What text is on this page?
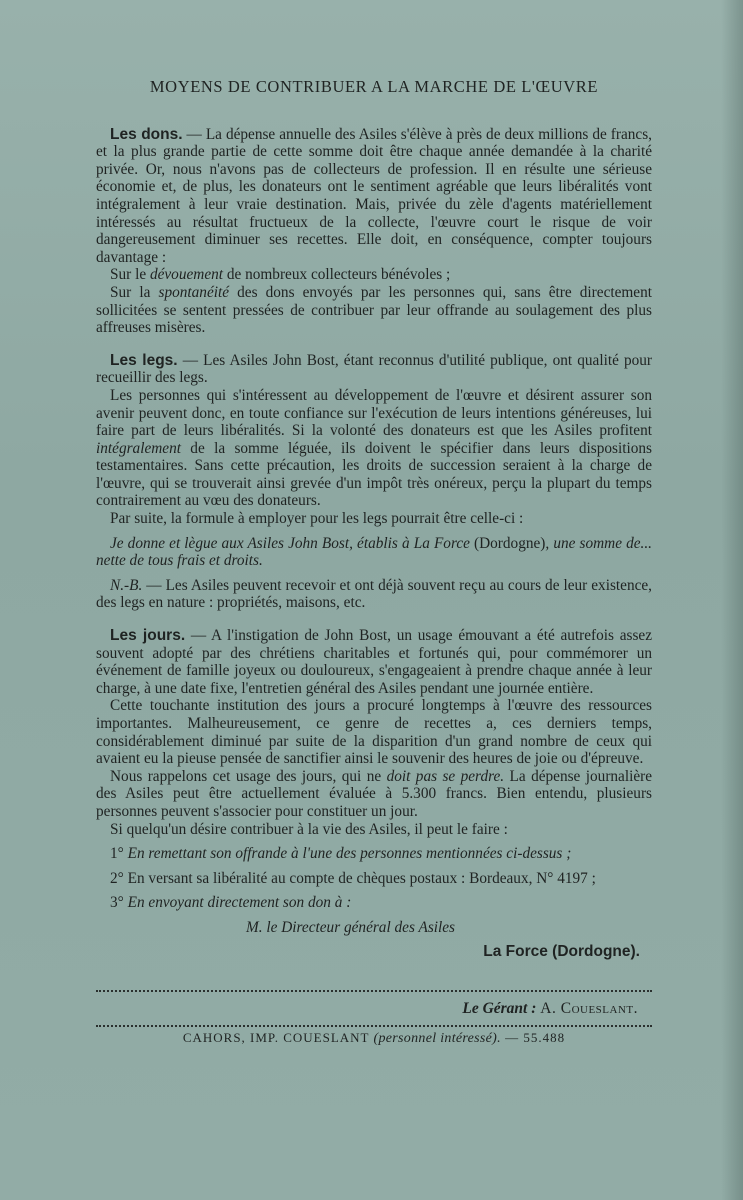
MOYENS DE CONTRIBUER A LA MARCHE DE L'ŒUVRE

Les dons. — La dépense annuelle des Asiles s'élève à près de deux millions de francs, et la plus grande partie de cette somme doit être chaque année demandée à la charité privée. Or, nous n'avons pas de collecteurs de profession. Il en résulte une sérieuse économie et, de plus, les donateurs ont le sentiment agréable que leurs libéralités vont intégralement à leur vraie destination. Mais, privée du zèle d'agents matériellement intéressés au résultat fructueux de la collecte, l'œuvre court le risque de voir dangereusement diminuer ses recettes. Elle doit, en conséquence, compter toujours davantage :

Sur le dévouement de nombreux collecteurs bénévoles ;

Sur la spontanéité des dons envoyés par les personnes qui, sans être directement sollicitées se sentent pressées de contribuer par leur offrande au soulagement des plus affreuses misères.

Les legs. — Les Asiles John Bost, étant reconnus d'utilité publique, ont qualité pour recueillir des legs.

Les personnes qui s'intéressent au développement de l'œuvre et désirent assurer son avenir peuvent donc, en toute confiance sur l'exécution de leurs intentions généreuses, lui faire part de leurs libéralités. Si la volonté des donateurs est que les Asiles profitent intégralement de la somme léguée, ils doivent le spécifier dans leurs dispositions testamentaires. Sans cette précaution, les droits de succession seraient à la charge de l'œuvre, qui se trouverait ainsi grevée d'un impôt très onéreux, perçu la plupart du temps contrairement au vœu des donateurs.

Par suite, la formule à employer pour les legs pourrait être celle-ci :

Je donne et lègue aux Asiles John Bost, établis à La Force (Dordogne), une somme de... nette de tous frais et droits.

N.-B. — Les Asiles peuvent recevoir et ont déjà souvent reçu au cours de leur existence, des legs en nature : propriétés, maisons, etc.

Les jours. — A l'instigation de John Bost, un usage émouvant a été autrefois assez souvent adopté par des chrétiens charitables et fortunés qui, pour commémorer un événement de famille joyeux ou douloureux, s'engageaient à prendre chaque année à leur charge, à une date fixe, l'entretien général des Asiles pendant une journée entière.

Cette touchante institution des jours a procuré longtemps à l'œuvre des ressources importantes. Malheureusement, ce genre de recettes a, ces derniers temps, considérablement diminué par suite de la disparition d'un grand nombre de ceux qui avaient eu la pieuse pensée de sanctifier ainsi le souvenir des heures de joie ou d'épreuve.

Nous rappelons cet usage des jours, qui ne doit pas se perdre. La dépense journalière des Asiles peut être actuellement évaluée à 5.300 francs. Bien entendu, plusieurs personnes peuvent s'associer pour constituer un jour.

Si quelqu'un désire contribuer à la vie des Asiles, il peut le faire :

1° En remettant son offrande à l'une des personnes mentionnées ci-dessus ;

2° En versant sa libéralité au compte de chèques postaux : Bordeaux, N° 4197 ;

3° En envoyant directement son don à :

M. le Directeur général des Asiles

La Force (Dordogne).

Le Gérant : A. Coueslant.
CAHORS, IMP. COUESLANT (personnel intéressé). — 55.488
